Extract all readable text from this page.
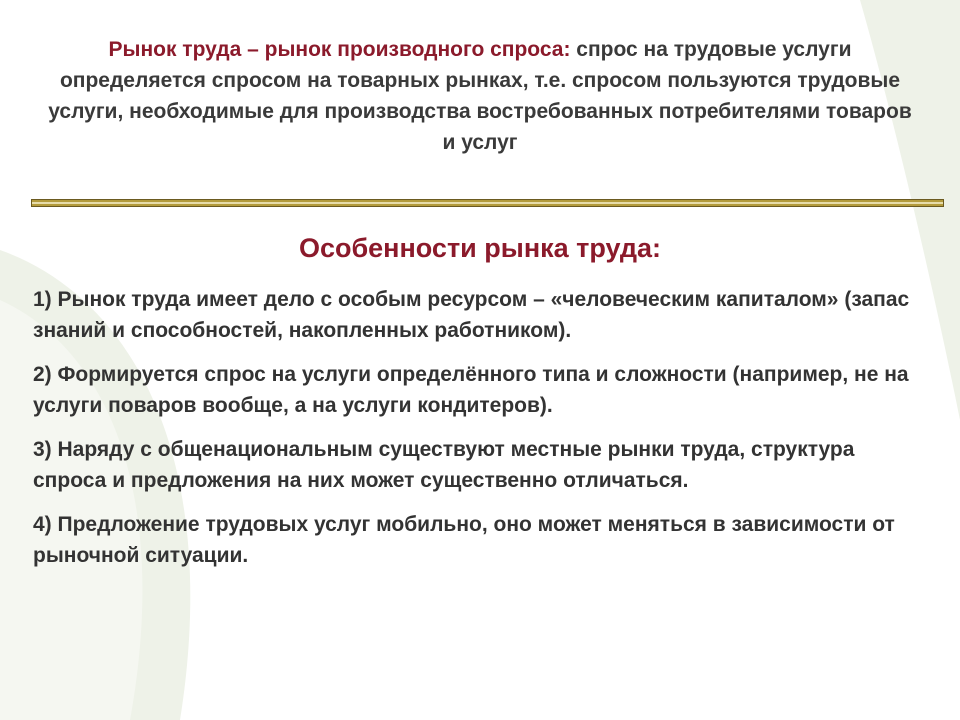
Рынок труда – рынок производного спроса: спрос на трудовые услуги определяется спросом на товарных рынках, т.е. спросом пользуются трудовые услуги, необходимые для производства востребованных потребителями товаров и услуг
Особенности рынка труда:
1) Рынок труда имеет дело с особым ресурсом – «человеческим капиталом» (запас знаний и способностей, накопленных работником).
2) Формируется спрос на услуги определённого типа и сложности (например, не на услуги поваров вообще, а на услуги кондитеров).
3) Наряду с общенациональным существуют местные рынки труда, структура спроса и предложения на них может существенно отличаться.
4) Предложение трудовых услуг мобильно, оно может меняться в зависимости от рыночной ситуации.
